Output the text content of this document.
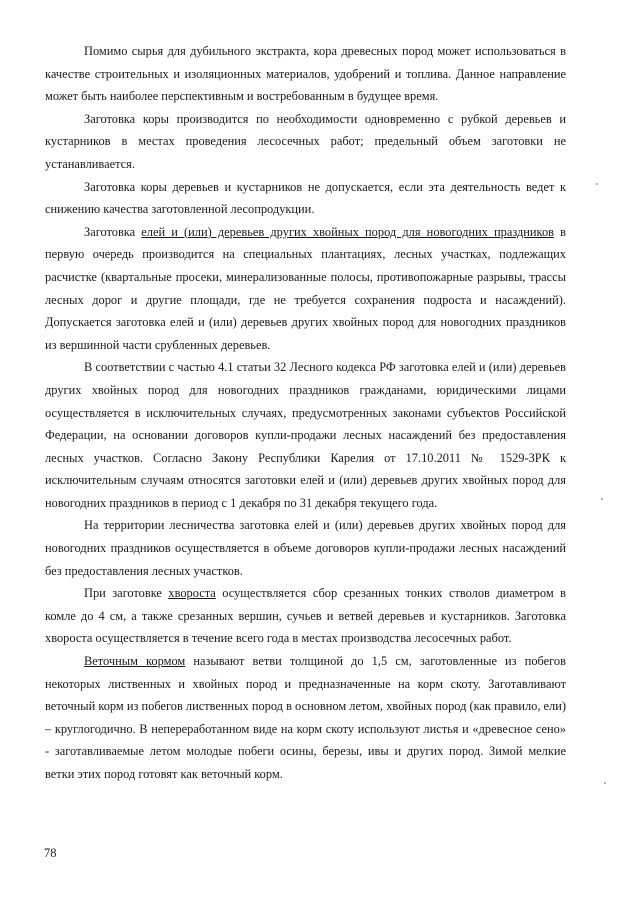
Помимо сырья для дубильного экстракта, кора древесных пород может использоваться в качестве строительных и изоляционных материалов, удобрений и топлива. Данное направление может быть наиболее перспективным и востребованным в будущее время.

Заготовка коры производится по необходимости одновременно с рубкой деревьев и кустарников в местах проведения лесосечных работ; предельный объем заготовки не устанавливается.

Заготовка коры деревьев и кустарников не допускается, если эта деятельность ведет к снижению качества заготовленной лесопродукции.

Заготовка елей и (или) деревьев других хвойных пород для новогодних праздников в первую очередь производится на специальных плантациях, лесных участках, подлежащих расчистке (квартальные просеки, минерализованные полосы, противопожарные разрывы, трассы лесных дорог и другие площади, где не требуется сохранения подроста и насаждений). Допускается заготовка елей и (или) деревьев других хвойных пород для новогодних праздников из вершинной части срубленных деревьев.

В соответствии с частью 4.1 статьи 32 Лесного кодекса РФ заготовка елей и (или) деревьев других хвойных пород для новогодних праздников гражданами, юридическими лицами осуществляется в исключительных случаях, предусмотренных законами субъектов Российской Федерации, на основании договоров купли-продажи лесных насаждений без предоставления лесных участков. Согласно Закону Республики Карелия от 17.10.2011 № 1529-ЗРК к исключительным случаям относятся заготовки елей и (или) деревьев других хвойных пород для новогодних праздников в период с 1 декабря по 31 декабря текущего года.

На территории лесничества заготовка елей и (или) деревьев других хвойных пород для новогодних праздников осуществляется в объеме договоров купли-продажи лесных насаждений без предоставления лесных участков.

При заготовке хвороста осуществляется сбор срезанных тонких стволов диаметром в комле до 4 см, а также срезанных вершин, сучьев и ветвей деревьев и кустарников. Заготовка хвороста осуществляется в течение всего года в местах производства лесосечных работ.

Веточным кормом называют ветви толщиной до 1,5 см, заготовленные из побегов некоторых лиственных и хвойных пород и предназначенные на корм скоту. Заготавливают веточный корм из побегов лиственных пород в основном летом, хвойных пород (как правило, ели) – круглогодично. В непереработанном виде на корм скоту используют листья и «древесное сено» - заготавливаемые летом молодые побеги осины, березы, ивы и других пород. Зимой мелкие ветки этих пород готовят как веточный корм.

78
